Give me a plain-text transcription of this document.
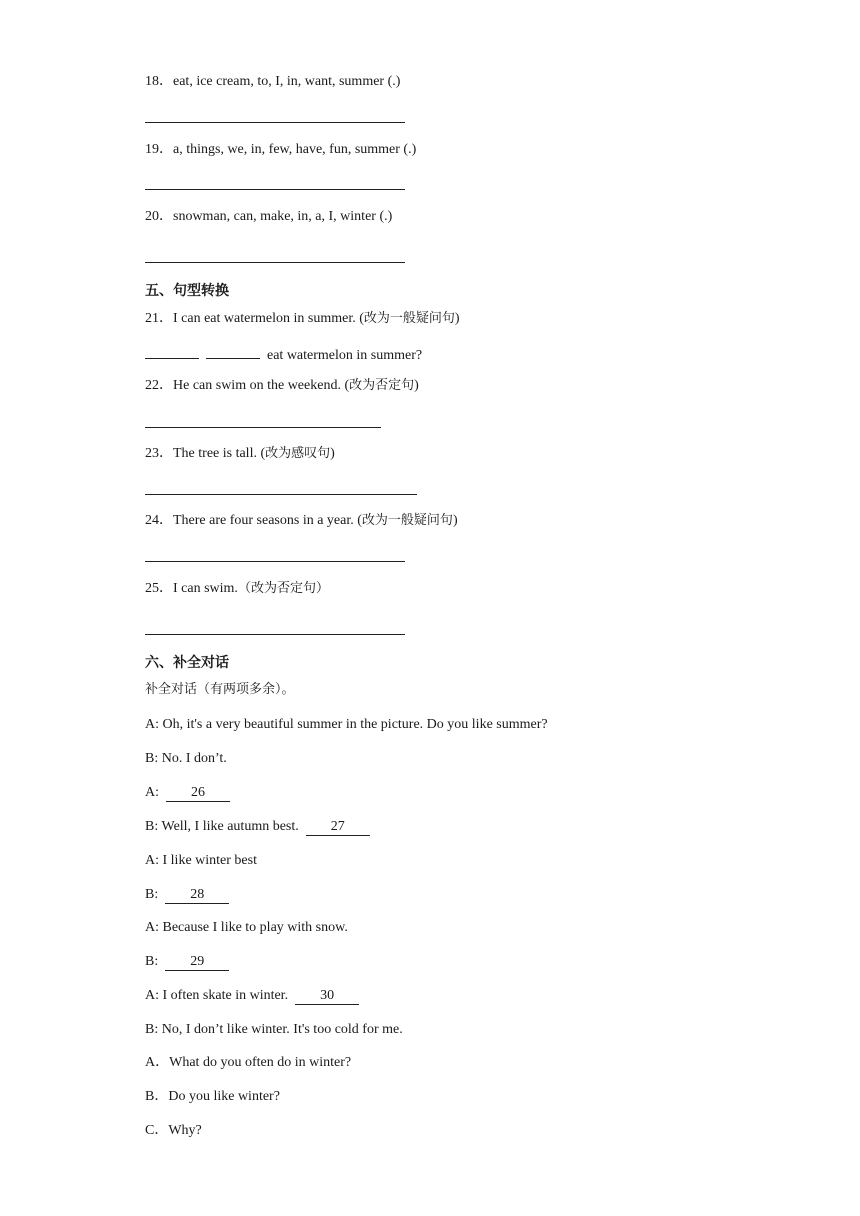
18．eat, ice cream, to, I, in, want, summer (.)
19．a, things, we, in, few, have, fun, summer (.)
20．snowman, can, make, in, a, I, winter (.)
五、句型转换
21．I can eat watermelon in summer. (改为一般疑问句)
eat watermelon in summer?
22．He can swim on the weekend. (改为否定句)
23．The tree is tall. (改为感叹句)
24．There are four seasons in a year. (改为一般疑问句)
25．I can swim.（改为否定句）
六、补全对话
补全对话（有两项多余）。
A: Oh, it's a very beautiful summer in the picture. Do you like summer?
B: No. I don’t.
A:  26
B: Well, I like autumn best.  27
A: I like winter best
B:  28
A: Because I like to play with snow.
B:  29
A: I often skate in winter.  30
B: No, I don’t like winter. It's too cold for me.
A．What do you often do in winter?
B．Do you like winter?
C．Why?
